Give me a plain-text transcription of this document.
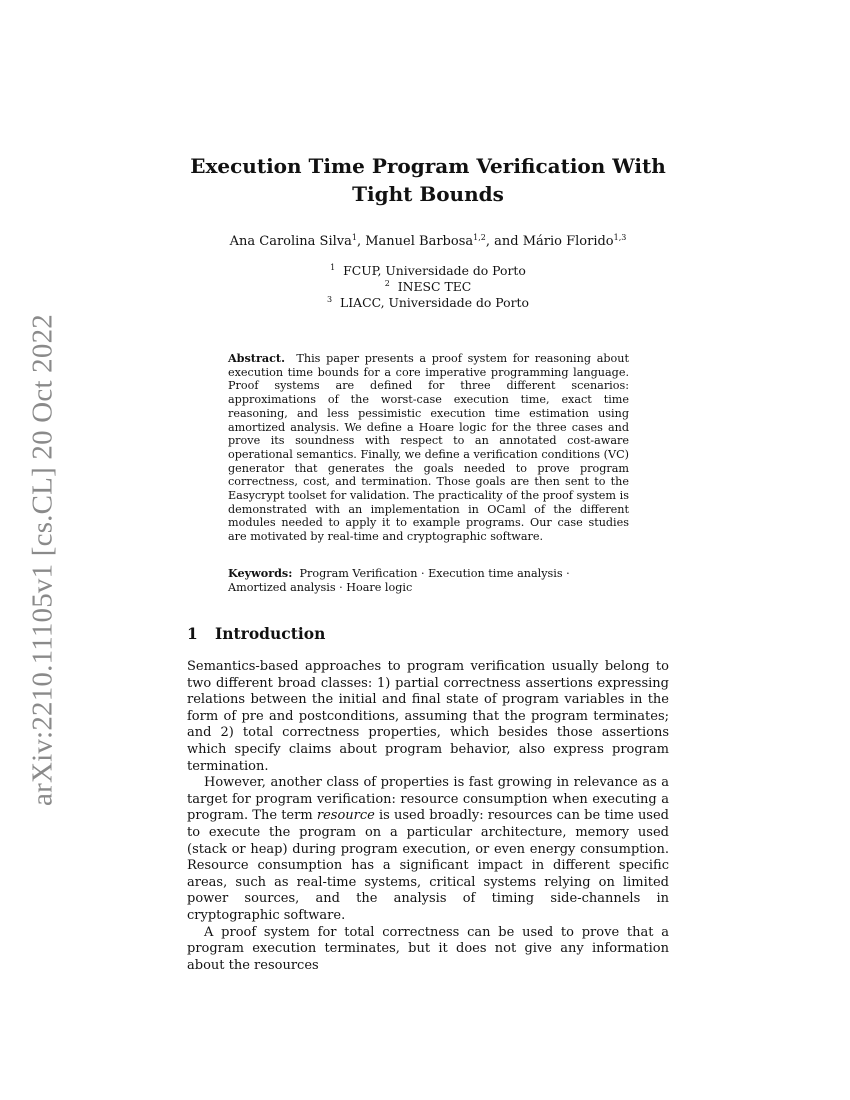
arXiv:2210.11105v1 [cs.CL] 20 Oct 2022
Execution Time Program Verification With
Tight Bounds
Ana Carolina Silva$^1$, Manuel Barbosa$^{1,2}$, and Mário Florido$^{1,3}$
$^1$ FCUP, Universidade do Porto
$^2$ INESC TEC
$^3$ LIACC, Universidade do Porto
Abstract. This paper presents a proof system for reasoning about execution time bounds for a core imperative programming language. Proof systems are defined for three different scenarios: approximations of the worst-case execution time, exact time reasoning, and less pessimistic execution time estimation using amortized analysis. We define a Hoare logic for the three cases and prove its soundness with respect to an annotated cost-aware operational semantics. Finally, we define a verification conditions (VC) generator that generates the goals needed to prove program correctness, cost, and termination. Those goals are then sent to the Easycrypt toolset for validation. The practicality of the proof system is demonstrated with an implementation in OCaml of the different modules needed to apply it to example programs. Our case studies are motivated by real-time and cryptographic software.
Keywords: Program Verification · Execution time analysis · Amortized analysis · Hoare logic
1 Introduction

Semantics-based approaches to program verification usually belong to two different broad classes: 1) partial correctness assertions expressing relations between the initial and final state of program variables in the form of pre and postconditions, assuming that the program terminates; and 2) total correctness properties, which besides those assertions which specify claims about program behavior, also express program termination.

However, another class of properties is fast growing in relevance as a target for program verification: resource consumption when executing a program. The term resource is used broadly: resources can be time used to execute the program on a particular architecture, memory used (stack or heap) during program execution, or even energy consumption. Resource consumption has a significant impact in different specific areas, such as real-time systems, critical systems relying on limited power sources, and the analysis of timing side-channels in cryptographic software.

A proof system for total correctness can be used to prove that a program execution terminates, but it does not give any information about the resources
